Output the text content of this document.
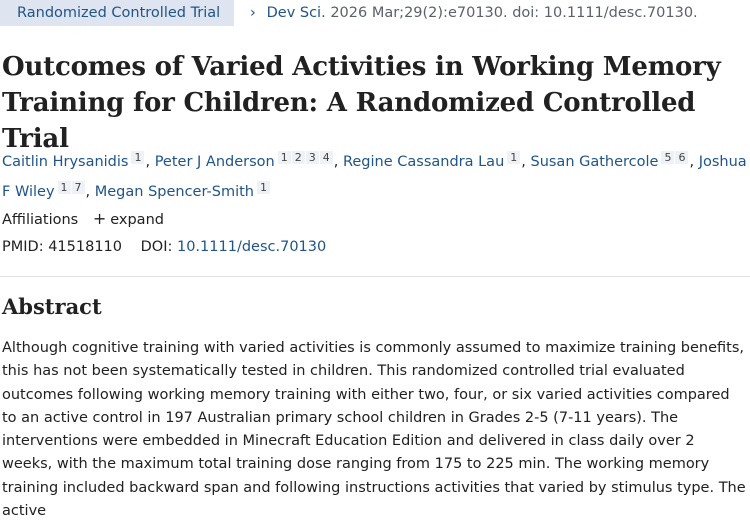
Randomized Controlled Trial	› Dev Sci. 2026 Mar;29(2):e70130. doi: 10.1111/desc.70130.
Outcomes of Varied Activities in Working Memory Training for Children: A Randomized Controlled Trial
Caitlin Hrysanidis 1 , Peter J Anderson 1 2 3 4 , Regine Cassandra Lau 1 , Susan Gathercole 5 6 , Joshua F Wiley 1 7 , Megan Spencer-Smith 1
Affiliations + expand
PMID: 41518110 DOI: 10.1111/desc.70130
Abstract

Although cognitive training with varied activities is commonly assumed to maximize training benefits, this has not been systematically tested in children. This randomized controlled trial evaluated outcomes following working memory training with either two, four, or six varied activities compared to an active control in 197 Australian primary school children in Grades 2-5 (7-11 years). The interventions were embedded in Minecraft Education Edition and delivered in class daily over 2 weeks, with the maximum total training dose ranging from 175 to 225 min. The working memory training included backward span and following instructions activities that varied by stimulus type. The active
